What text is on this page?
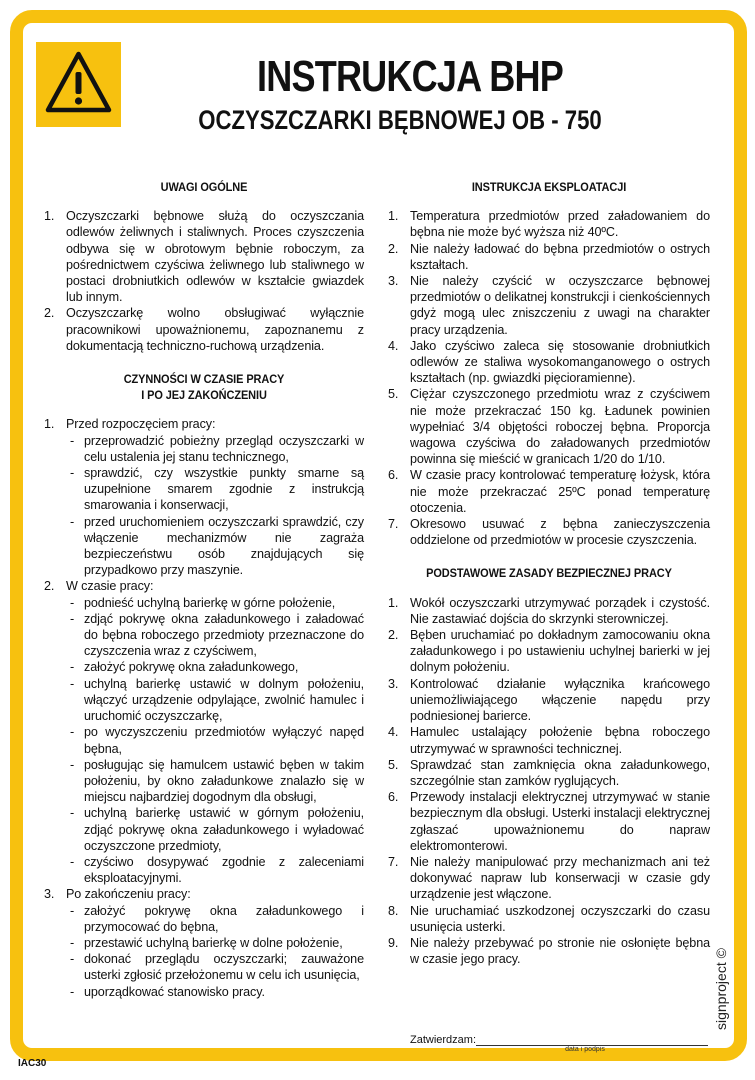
INSTRUKCJA BHP
OCZYSZCZARKI BĘBNOWEJ OB - 750
UWAGI OGÓLNE
1. Oczyszczarki bębnowe służą do oczyszczania odlewów żeliwnych i staliwnych. Proces czyszczenia odbywa się w obrotowym bębnie roboczym, za pośrednictwem czyściwa żeliwnego lub staliwnego w postaci drobniutkich odlewów w kształcie gwiazdek lub innym.
2. Oczyszczarkę wolno obsługiwać wyłącznie pracownikowi upoważnionemu, zapoznanemu z dokumentacją techniczno-ruchową urządzenia.
CZYNNOŚCI W CZASIE PRACY
I PO JEJ ZAKOŃCZENIU
1. Przed rozpoczęciem pracy:
- przeprowadzić pobieżny przegląd oczyszczarki w celu ustalenia jej stanu technicznego,
- sprawdzić, czy wszystkie punkty smarne są uzupełnione smarem zgodnie z instrukcją smarowania i konserwacji,
- przed uruchomieniem oczyszczarki sprawdzić, czy włączenie mechanizmów nie zagraża bezpieczeństwu osób znajdujących się przypadkowo przy maszynie.
2. W czasie pracy:
- podnieść uchylną barierkę w górne położenie,
- zdjąć pokrywę okna załadunkowego i załadować do bębna roboczego przedmioty przeznaczone do czyszczenia wraz z czyściwem,
- założyć pokrywę okna załadunkowego,
- uchylną barierkę ustawić w dolnym położeniu, włączyć urządzenie odpylające, zwolnić hamulec i uruchomić oczyszczarkę,
- po wyczyszczeniu przedmiotów wyłączyć napęd bębna,
- posługując się hamulcem ustawić bęben w takim położeniu, by okno załadunkowe znalazło się w miejscu najbardziej dogodnym dla obsługi,
- uchylną barierkę ustawić w górnym położeniu, zdjąć pokrywę okna załadunkowego i wyładować oczyszczone przedmioty,
- czyściwo dosypywać zgodnie z zaleceniami eksploatacyjnymi.
3. Po zakończeniu pracy:
- założyć pokrywę okna załadunkowego i przymocować do bębna,
- przestawić uchylną barierkę w dolne położenie,
- dokonać przeglądu oczyszczarki; zauważone usterki zgłosić przełożonemu w celu ich usunięcia,
- uporządkować stanowisko pracy.
INSTRUKCJA EKSPLOATACJI
1. Temperatura przedmiotów przed załadowaniem do bębna nie może być wyższa niż 40ºC.
2. Nie należy ładować do bębna przedmiotów o ostrych kształtach.
3. Nie należy czyścić w oczyszczarce bębnowej przedmiotów o delikatnej konstrukcji i cienkościennych gdyż mogą ulec zniszczeniu z uwagi na charakter pracy urządzenia.
4. Jako czyściwo zaleca się stosowanie drobniutkich odlewów ze staliwa wysokomanganowego o ostrych kształtach (np. gwiazdki pięcioramienne).
5. Ciężar czyszczonego przedmiotu wraz z czyściwem nie może przekraczać 150 kg. Ładunek powinien wypełniać 3/4 objętości roboczej bębna. Proporcja wagowa czyściwa do załadowanych przedmiotów powinna się mieścić w granicach 1/20 do 1/10.
6. W czasie pracy kontrolować temperaturę łożysk, która nie może przekraczać 25ºC ponad temperaturę otoczenia.
7. Okresowo usuwać z bębna zanieczyszczenia oddzielone od przedmiotów w procesie czyszczenia.
PODSTAWOWE ZASADY BEZPIECZNEJ PRACY
1. Wokół oczyszczarki utrzymywać porządek i czystość. Nie zastawiać dojścia do skrzynki sterowniczej.
2. Bęben uruchamiać po dokładnym zamocowaniu okna załadunkowego i po ustawieniu uchylnej barierki w jej dolnym położeniu.
3. Kontrolować działanie wyłącznika krańcowego uniemożliwiającego włączenie napędu przy podniesionej barierce.
4. Hamulec ustalający położenie bębna roboczego utrzymywać w sprawności technicznej.
5. Sprawdzać stan zamknięcia okna załadunkowego, szczególnie stan zamków ryglujących.
6. Przewody instalacji elektrycznej utrzymywać w stanie bezpiecznym dla obsługi. Usterki instalacji elektrycznej zgłaszać upoważnionemu do napraw elektromonterowi.
7. Nie należy manipulować przy mechanizmach ani też dokonywać napraw lub konserwacji w czasie gdy urządzenie jest włączone.
8. Nie uruchamiać uszkodzonej oczyszczarki do czasu usunięcia usterki.
9. Nie należy przebywać po stronie nie osłonięte bębna w czasie jego pracy.
Zatwierdzam:
data i podpis
IAC30
signproject ©
